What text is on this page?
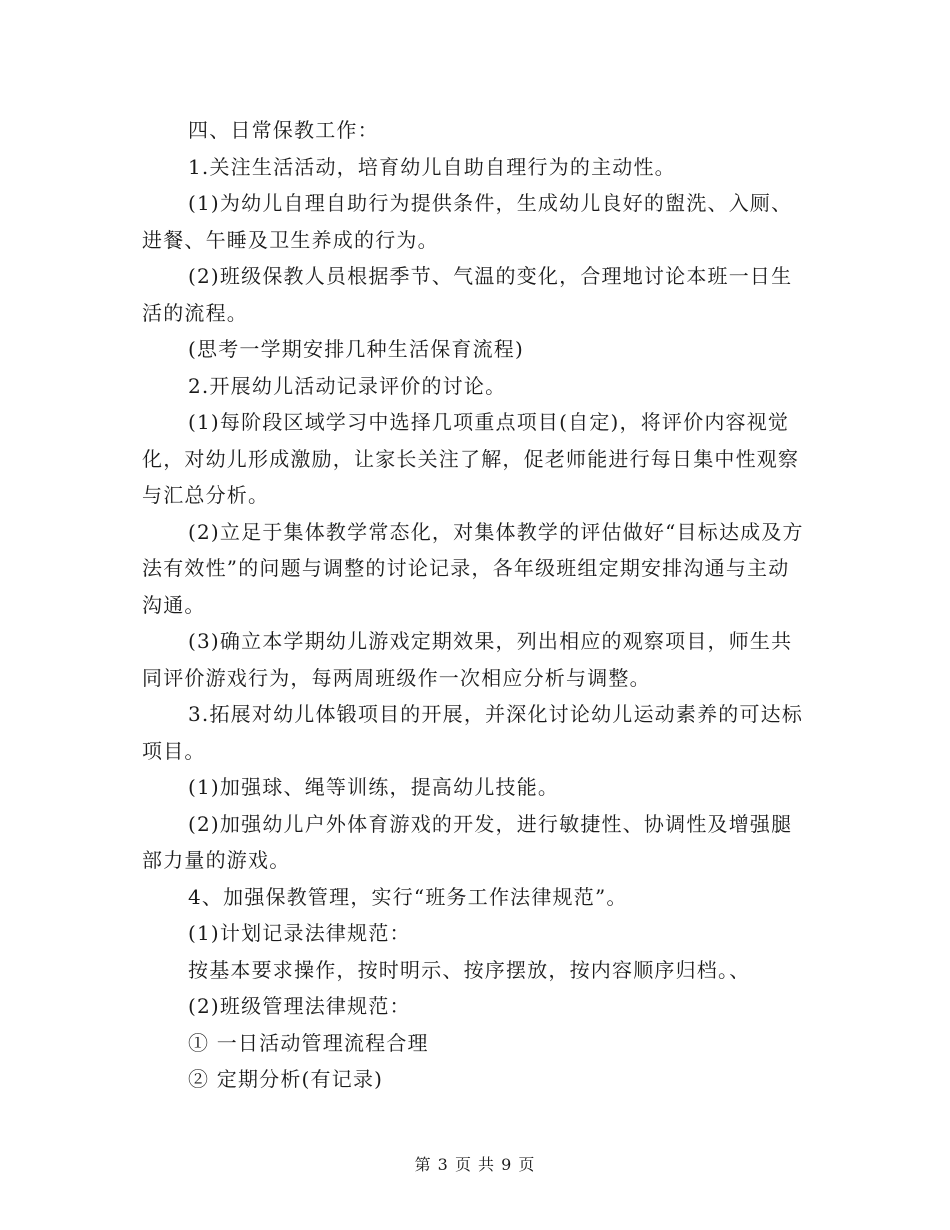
四、日常保教工作：

1.关注生活活动，培育幼儿自助自理行为的主动性。

(1)为幼儿自理自助行为提供条件，生成幼儿良好的盥洗、入厕、进餐、午睡及卫生养成的行为。

(2)班级保教人员根据季节、气温的变化，合理地讨论本班一日生活的流程。

(思考一学期安排几种生活保育流程)

2.开展幼儿活动记录评价的讨论。

(1)每阶段区域学习中选择几项重点项目(自定)，将评价内容视觉化，对幼儿形成激励，让家长关注了解，促老师能进行每日集中性观察与汇总分析。

(2)立足于集体教学常态化，对集体教学的评估做好“目标达成及方法有效性”的问题与调整的讨论记录，各年级班组定期安排沟通与主动沟通。

(3)确立本学期幼儿游戏定期效果，列出相应的观察项目，师生共同评价游戏行为，每两周班级作一次相应分析与调整。

3.拓展对幼儿体锻项目的开展，并深化讨论幼儿运动素养的可达标项目。

(1)加强球、绳等训练，提高幼儿技能。

(2)加强幼儿户外体育游戏的开发，进行敏捷性、协调性及增强腿部力量的游戏。

4、加强保教管理，实行“班务工作法律规范”。

(1)计划记录法律规范：

按基本要求操作，按时明示、按序摆放，按内容顺序归档。、

(2)班级管理法律规范：

① 一日活动管理流程合理

② 定期分析(有记录)

第 3 页 共 9 页
